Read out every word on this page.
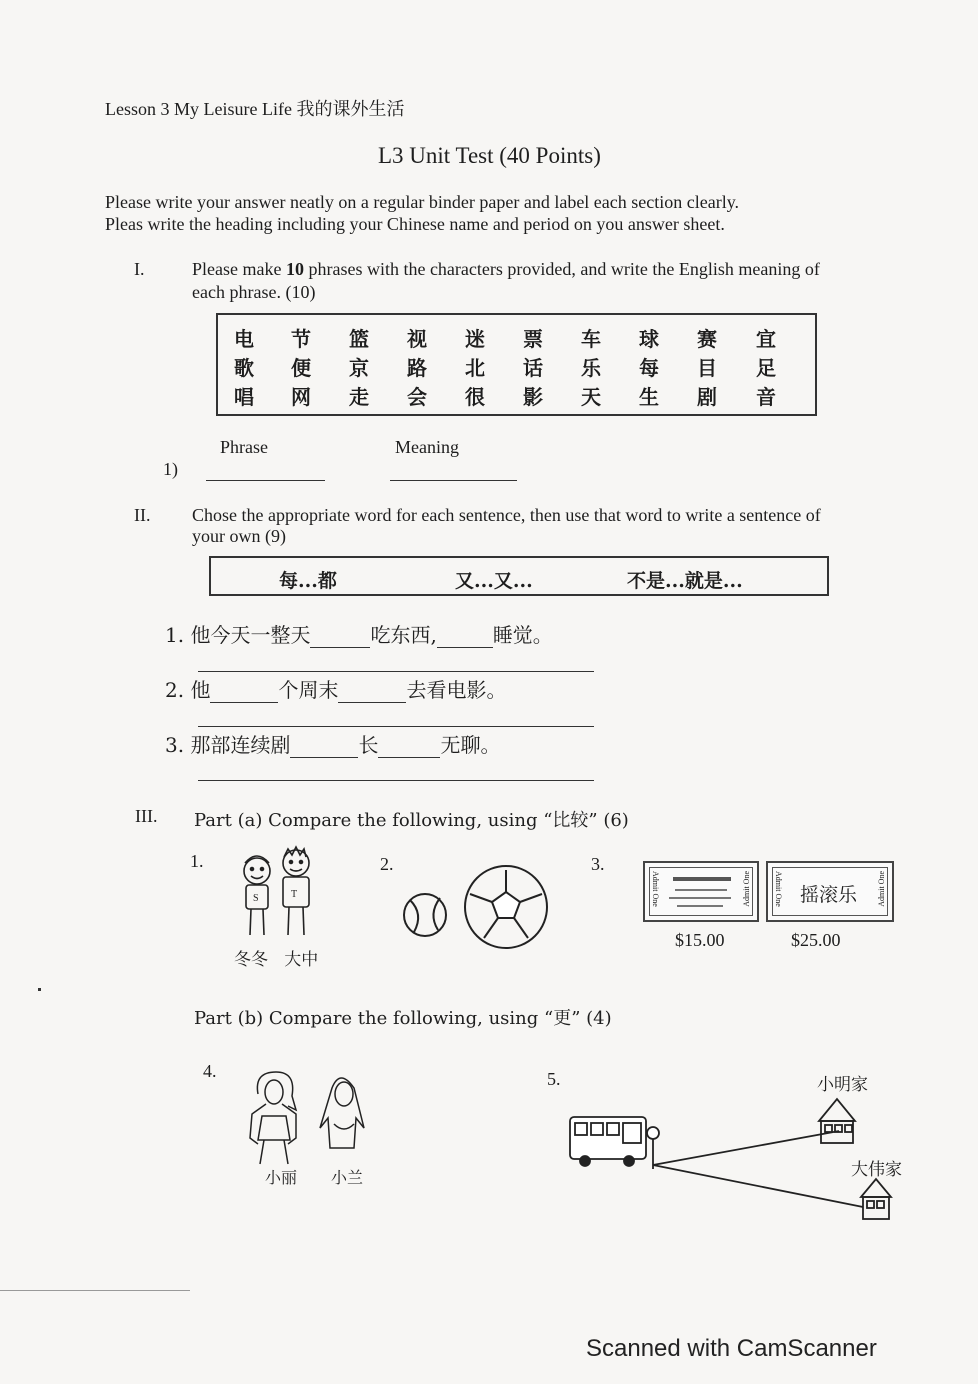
Lesson 3 My Leisure Life 我的课外生活
L3 Unit Test (40 Points)
Please write your answer neatly on a regular binder paper and label each section clearly.
Pleas write the heading including your Chinese name and period on you answer sheet.
I.	Please make 10 phrases with the characters provided, and write the English meaning of
each phrase. (10)
电	节	篮	视	迷	票	车	球	赛	宜
歌	便	京	路	北	话	乐	每	目	足
唱	网	走	会	很	影	天	生	剧	音
Phrase	Meaning
1)
II. Chose the appropriate word for each sentence, then use that word to write a sentence of
your own (9)
每...都	又...又...	不是...就是...
1. 他今天一整天	吃东西,	睡觉。
2. 他	个周末	去看电影。
3. 那部连续剧	长	无聊。
III. Part (a) Compare the following, using “比较” (6)
1.	2.	3.
S	T
冬冬   大中
Admit One	Admit One	Admit One	Admit One
摇滚乐
$15.00	$25.00
Part (b) Compare the following, using “更” (4)
4.	5.
小丽 小兰
小明家
大伟家
Scanned with CamScanner
